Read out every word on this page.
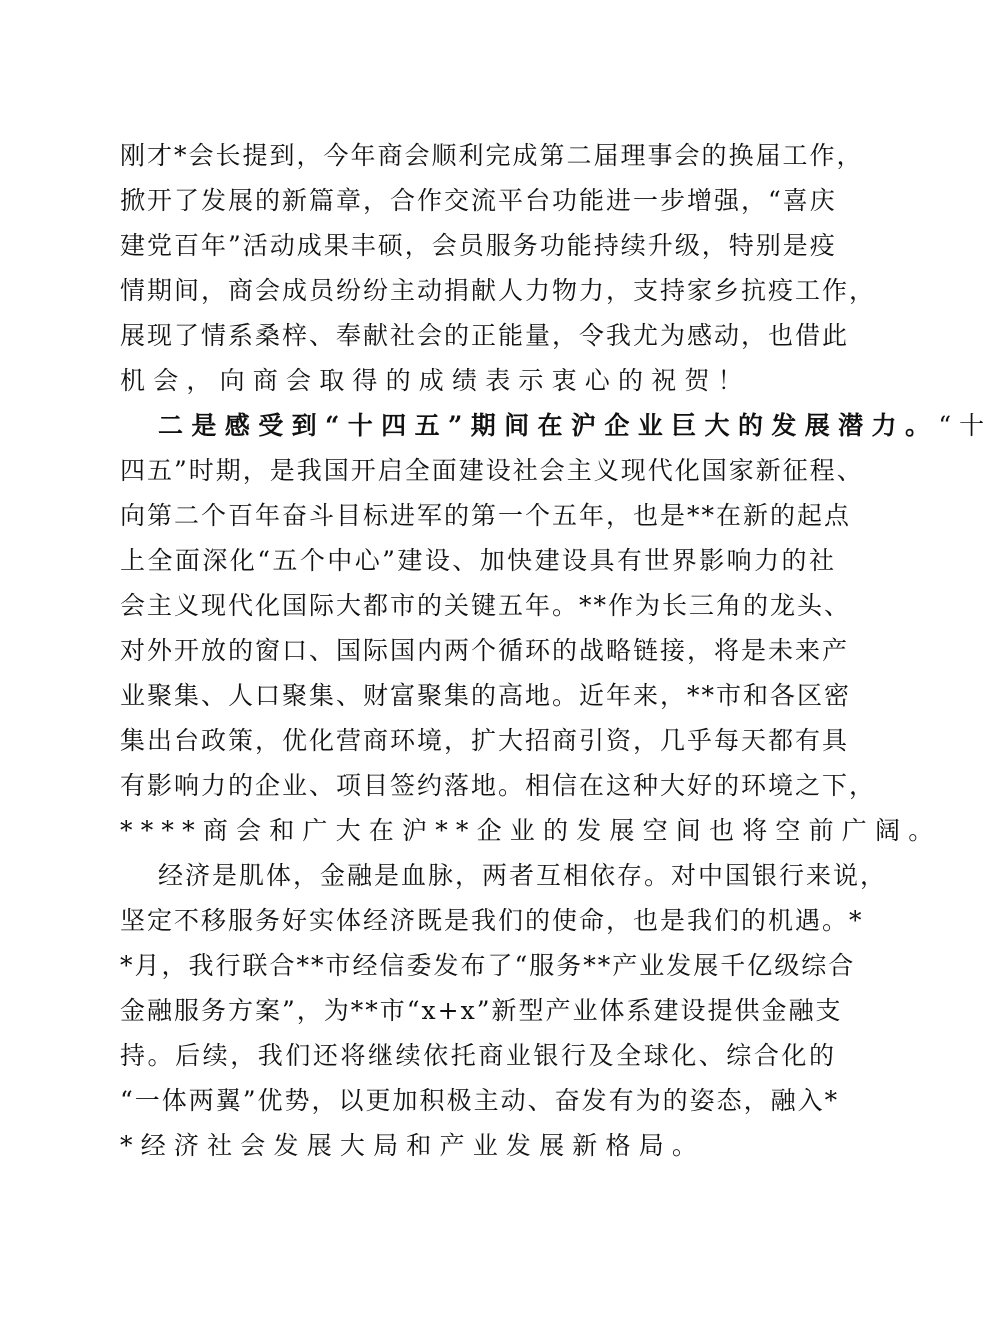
刚才*会长提到，今年商会顺利完成第二届理事会的换届工作，
掀开了发展的新篇章，合作交流平台功能进一步增强，“喜庆
建党百年”活动成果丰硕，会员服务功能持续升级，特别是疫
情期间，商会成员纷纷主动捐献人力物力，支持家乡抗疫工作，
展现了情系桑梓、奉献社会的正能量，令我尤为感动，也借此
机会，向商会取得的成绩表示衷心的祝贺！
二是感受到“十四五”期间在沪企业巨大的发展潜力。 “十
四五”时期，是我国开启全面建设社会主义现代化国家新征程、
向第二个百年奋斗目标进军的第一个五年，也是**在新的起点
上全面深化“五个中心”建设、加快建设具有世界影响力的社
会主义现代化国际大都市的关键五年。**作为长三角的龙头、
对外开放的窗口、国际国内两个循环的战略链接，将是未来产
业聚集、人口聚集、财富聚集的高地。近年来，**市和各区密
集出台政策，优化营商环境，扩大招商引资，几乎每天都有具
有影响力的企业、项目签约落地。相信在这种大好的环境之下，
****商会和广大在沪**企业的发展空间也将空前广阔。
经济是肌体，金融是血脉，两者互相依存。对中国银行来说，
坚定不移服务好实体经济既是我们的使命，也是我们的机遇。*
*月，我行联合**市经信委发布了“服务**产业发展千亿级综合
金融服务方案”，为**市“x+x”新型产业体系建设提供金融支
持。后续，我们还将继续依托商业银行及全球化、综合化的
“一体两翼”优势，以更加积极主动、奋发有为的姿态，融入*
*经济社会发展大局和产业发展新格局。
